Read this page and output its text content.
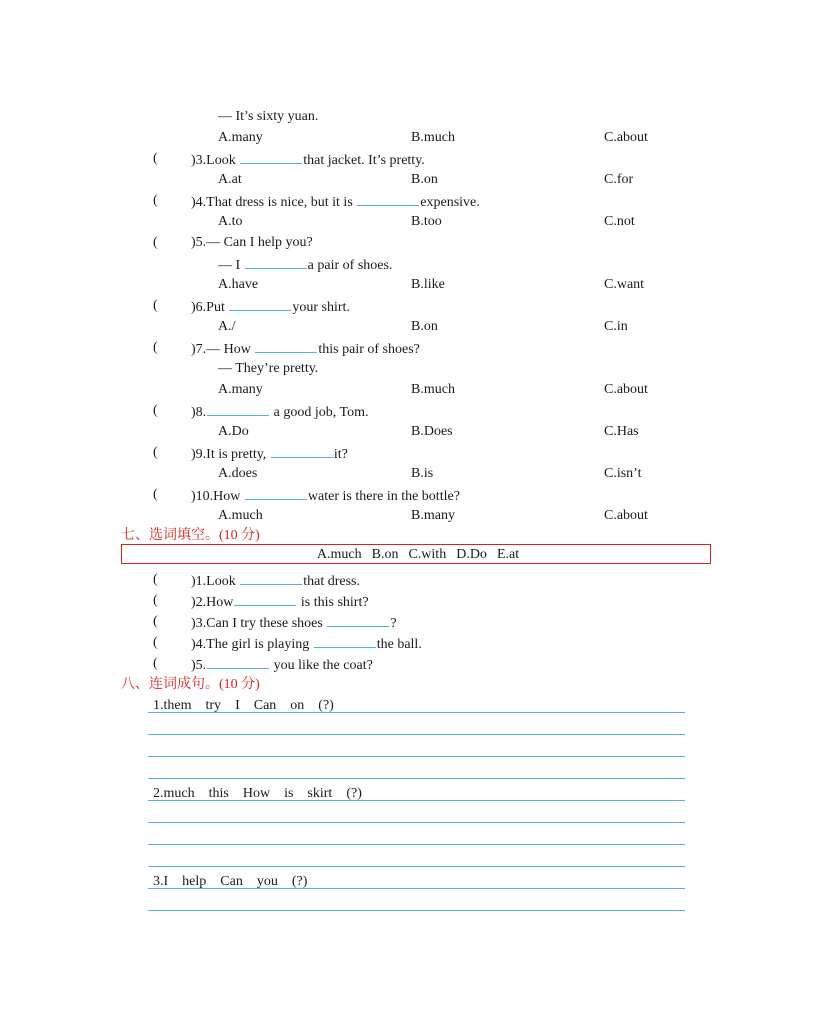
— It’s sixty yuan.
A.many	B.much	C.about
( )3.Look	that jacket. It’s pretty.
A.at	B.on	C.for
( )4.That dress is nice, but it is	expensive.
A.to	B.too	C.not
( )5.— Can I help you?
— I	a pair of shoes.
A.have	B.like	C.want
( )6.Put	your shirt.
A./	B.on	C.in
( )7.— How	this pair of shoes?
— They’re pretty.
A.many	B.much	C.about
( )8.	a good job, Tom.
A.Do	B.Does	C.Has
( )9.It is pretty,	it?
A.does	B.is	C.isn’t
( )10.How	water is there in the bottle?
A.much	B.many	C.about
七、选词填空。(10 分)
A.much B.on C.with D.Do E.at
( )1.Look	that dress.
( )2.How	is this shirt?
( )3.Can I try these shoes	?
( )4.The girl is playing	the ball.
( )5.	you like the coat?
八、连词成句。(10 分)
1.them try I Can on (?)
2.much this How is skirt (?)
3.I help Can you (?)
